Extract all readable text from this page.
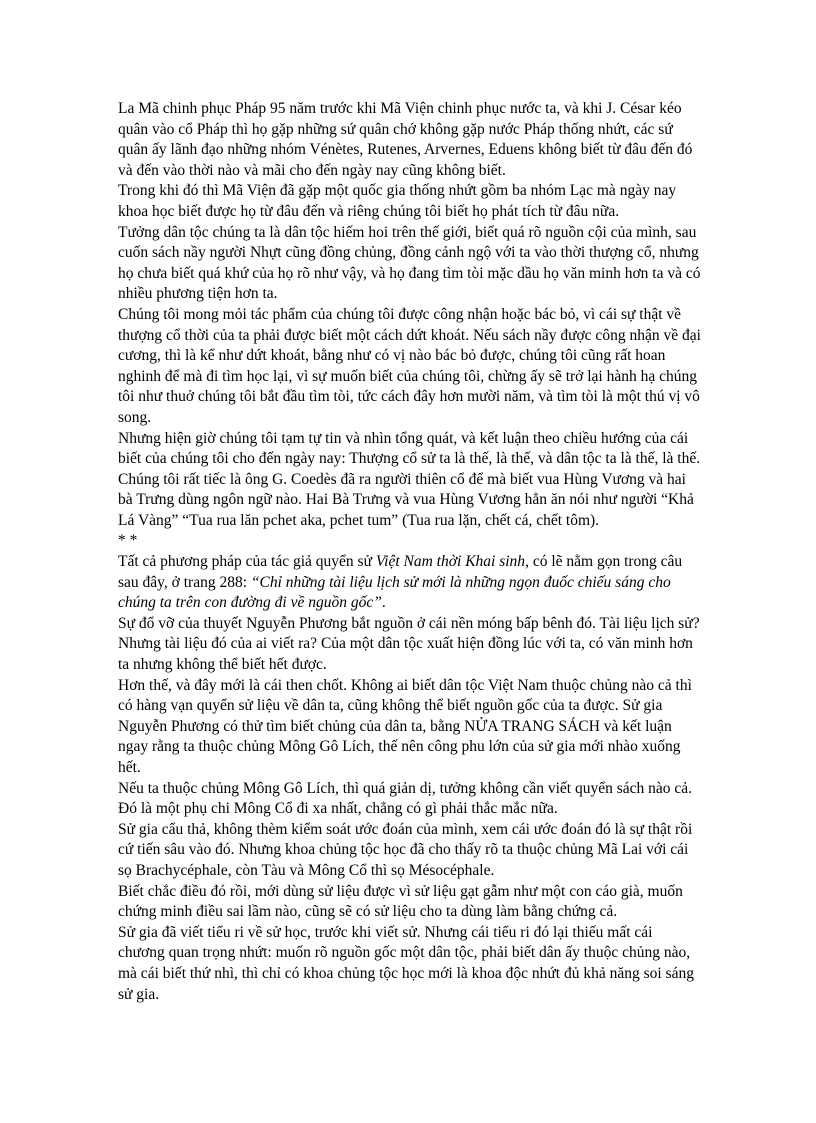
La Mã chinh phục Pháp 95 năm trước khi Mã Viện chinh phục nước ta, và khi J. César kéo quân vào cổ Pháp thì họ gặp những sứ quân chớ không gặp nước Pháp thống nhứt, các sứ quân ấy lãnh đạo những nhóm Vénètes, Rutenes, Arvernes, Eduens không biết từ đâu đến đó và đến vào thời nào và mãi cho đến ngày nay cũng không biết.

Trong khi đó thì Mã Viện đã gặp một quốc gia thống nhứt gồm ba nhóm Lạc mà ngày nay khoa học biết được họ từ đâu đến và riêng chúng tôi biết họ phát tích từ đâu nữa.

Tưởng dân tộc chúng ta là dân tộc hiếm hoi trên thế giới, biết quá rõ nguồn cội của mình, sau cuốn sách nầy người Nhựt cũng đồng chủng, đồng cảnh ngộ với ta vào thời thượng cổ, nhưng họ chưa biết quá khứ của họ rõ như vậy, và họ đang tìm tòi mặc dầu họ văn minh hơn ta và có nhiều phương tiện hơn ta.

Chúng tôi mong mỏi tác phẩm của chúng tôi được công nhận hoặc bác bỏ, vì cái sự thật về thượng cổ thời của ta phải được biết một cách dứt khoát. Nếu sách nầy được công nhận về đại cương, thì là kể như dứt khoát, bằng như có vị nào bác bỏ được, chúng tôi cũng rất hoan nghinh để mà đi tìm học lại, vì sự muốn biết của chúng tôi, chừng ấy sẽ trở lại hành hạ chúng tôi như thuở chúng tôi bắt đầu tìm tòi, tức cách đây hơn mười năm, và tìm tòi là một thú vị vô song.

Nhưng hiện giờ chúng tôi tạm tự tin và nhìn tổng quát, và kết luận theo chiều hướng của cái biết của chúng tôi cho đến ngày nay: Thượng cổ sử ta là thế, là thế, và dân tộc ta là thế, là thế.

Chúng tôi rất tiếc là ông G. Coedès đã ra người thiên cổ để mà biết vua Hùng Vương và hai bà Trưng dùng ngôn ngữ nào. Hai Bà Trưng và vua Hùng Vương hẳn ăn nói như người “Khả Lá Vàng” “Tua rua lăn pchet aka, pchet tum” (Tua rua lặn, chết cá, chết tôm).

* *

Tất cả phương pháp của tác giả quyển sử Việt Nam thời Khai sinh, có lẽ nằm gọn trong câu sau đây, ở trang 288: “Chỉ những tài liệu lịch sử mới là những ngọn đuốc chiếu sáng cho chúng ta trên con đường đi về nguồn gốc”.

Sự đổ vỡ của thuyết Nguyễn Phương bắt nguồn ở cái nền móng bấp bênh đó. Tài liệu lịch sử? Nhưng tài liệu đó của ai viết ra? Của một dân tộc xuất hiện đồng lúc với ta, có văn minh hơn ta nhưng không thể biết hết được.

Hơn thế, và đây mới là cái then chốt. Không ai biết dân tộc Việt Nam thuộc chủng nào cả thì có hàng vạn quyển sử liệu về dân ta, cũng không thể biết nguồn gốc của ta được. Sử gia Nguyễn Phương có thử tìm biết chủng của dân ta, bằng NỬA TRANG SÁCH và kết luận ngay rằng ta thuộc chủng Mông Gô Lích, thế nên công phu lớn của sử gia mới nhào xuống hết.

Nếu ta thuộc chủng Mông Gô Lích, thì quá giản dị, tưởng không cần viết quyển sách nào cả. Đó là một phụ chi Mông Cổ đi xa nhất, chẳng có gì phải thắc mắc nữa.

Sử gia cẩu thả, không thèm kiểm soát ước đoán của mình, xem cái ước đoán đó là sự thật rồi cứ tiến sâu vào đó. Nhưng khoa chủng tộc học đã cho thấy rõ ta thuộc chủng Mã Lai với cái sọ Brachycéphale, còn Tàu và Mông Cổ thì sọ Mésocéphale.

Biết chắc điều đó rồi, mới dùng sử liệu được vì sử liệu gạt gẫm như một con cáo già, muốn chứng minh điều sai lầm nào, cũng sẽ có sử liệu cho ta dùng làm bằng chứng cả.

Sử gia đã viết tiểu ri về sử học, trước khi viết sử. Nhưng cái tiểu ri đó lại thiếu mất cái chương quan trọng nhứt: muốn rõ nguồn gốc một dân tộc, phải biết dân ấy thuộc chủng nào, mà cái biết thứ nhì, thì chỉ có khoa chủng tộc học mới là khoa độc nhứt đủ khả năng soi sáng sử gia.
